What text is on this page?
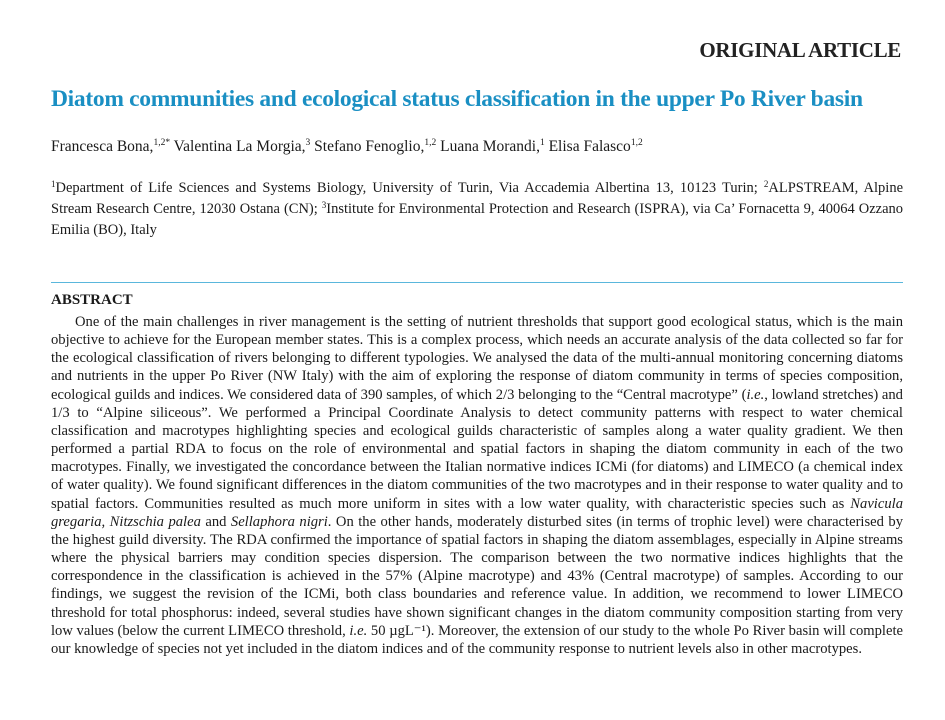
ORIGINAL ARTICLE
Diatom communities and ecological status classification in the upper Po River basin
Francesca Bona,$^{1,2*}$ Valentina La Morgia,$^3$ Stefano Fenoglio,$^{1,2}$ Luana Morandi,$^1$ Elisa Falasco$^{1,2}$
$^1$Department of Life Sciences and Systems Biology, University of Turin, Via Accademia Albertina 13, 10123 Turin; $^2$ALPSTREAM, Alpine Stream Research Centre, 12030 Ostana (CN); $^3$Institute for Environmental Protection and Research (ISPRA), via Ca’ Fornacetta 9, 40064 Ozzano Emilia (BO), Italy
ABSTRACT
One of the main challenges in river management is the setting of nutrient thresholds that support good ecological status, which is the main objective to achieve for the European member states. This is a complex process, which needs an accurate analysis of the data collected so far for the ecological classification of rivers belonging to different typologies. We analysed the data of the multi-annual monitoring concerning diatoms and nutrients in the upper Po River (NW Italy) with the aim of exploring the response of diatom community in terms of species composition, ecological guilds and indices. We considered data of 390 samples, of which 2/3 belonging to the “Central macrotype” (i.e., lowland stretches) and 1/3 to “Alpine siliceous”. We performed a Principal Coordinate Analysis to detect community patterns with respect to water chemical classification and macrotypes highlighting species and ecological guilds characteristic of samples along a water quality gradient. We then performed a partial RDA to focus on the role of environmental and spatial factors in shaping the diatom community in each of the two macrotypes. Finally, we investigated the concordance between the Italian normative indices ICMi (for diatoms) and LIMECO (a chemical index of water quality). We found significant differences in the diatom communities of the two macrotypes and in their response to water quality and to spatial factors. Communities resulted as much more uniform in sites with a low water quality, with characteristic species such as Navicula gregaria, Nitzschia palea and Sellaphora nigri. On the other hands, moderately disturbed sites (in terms of trophic level) were characterised by the highest guild diversity. The RDA confirmed the importance of spatial factors in shaping the diatom assemblages, especially in Alpine streams where the physical barriers may condition species dispersion. The comparison between the two normative indices highlights that the correspondence in the classification is achieved in the 57% (Alpine macrotype) and 43% (Central macrotype) of samples. According to our findings, we suggest the revision of the ICMi, both class boundaries and reference value. In addition, we recommend to lower LIMECO threshold for total phosphorus: indeed, several studies have shown significant changes in the diatom community composition starting from very low values (below the current LIMECO threshold, i.e. 50 µgL⁻¹). Moreover, the extension of our study to the whole Po River basin will complete our knowledge of species not yet included in the diatom indices and of the community response to nutrient levels also in other macrotypes.
